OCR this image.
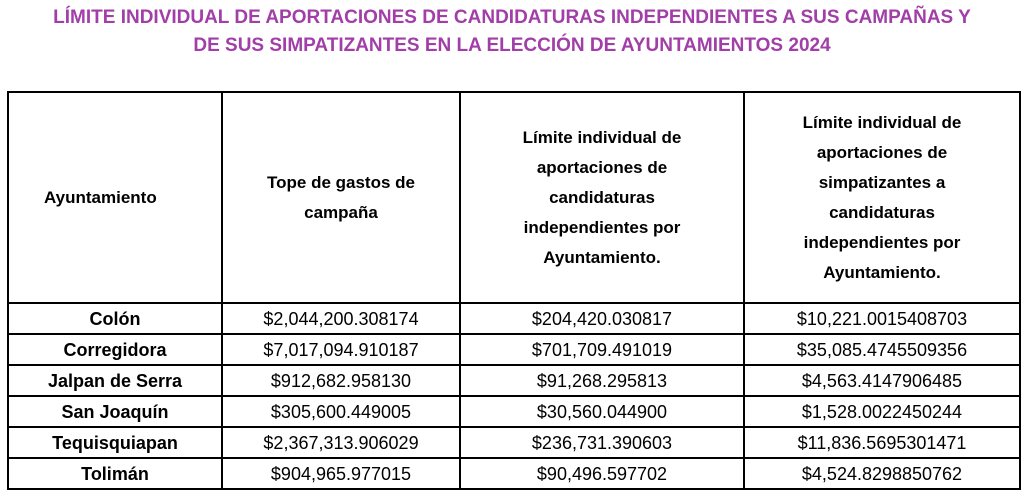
LÍMITE INDIVIDUAL DE APORTACIONES DE CANDIDATURAS INDEPENDIENTES A SUS CAMPAÑAS Y
DE SUS SIMPATIZANTES EN LA ELECCIÓN DE AYUNTAMIENTOS 2024
Ayuntamiento	Tope de gastos de campaña	Límite individual de aportaciones de candidaturas independientes por Ayuntamiento.	Límite individual de aportaciones de simpatizantes a candidaturas independientes por Ayuntamiento.
Colón	$2,044,200.308174	$204,420.030817	$10,221.0015408703
Corregidora	$7,017,094.910187	$701,709.491019	$35,085.4745509356
Jalpan de Serra	$912,682.958130	$91,268.295813	$4,563.4147906485
San Joaquín	$305,600.449005	$30,560.044900	$1,528.0022450244
Tequisquiapan	$2,367,313.906029	$236,731.390603	$11,836.5695301471
Tolimán	$904,965.977015	$90,496.597702	$4,524.8298850762
